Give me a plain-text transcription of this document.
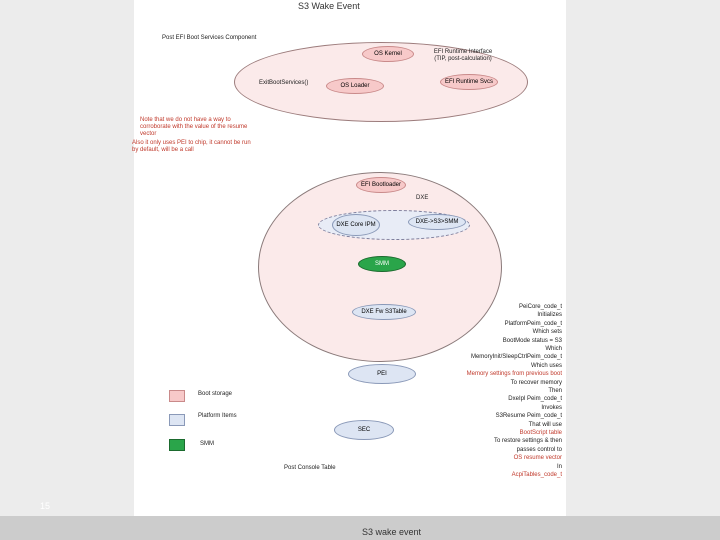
15
S3 Wake Event
S3 wake event
Post EFI Boot Services Component
OS Kernel	EFI Runtime Interface (TIP, post-calculation)
ExitBootServices()	OS Loader
EFI Runtime Svcs
Note that we do not have a way to corroborate with the value of the resume vector
Also it only uses PEI to chip, it cannot be run by default, will be a call
EFI Bootloader
DXE
DXE Core IPM	DXE->S3>SMM
SMM
DXE Fw S3Table
PEI
SEC
PeiCore_code_t
Initializes
PlatformPeim_code_t
Which sets
BootMode status = S3
Which
MemoryInit/SleepCtrlPeim_code_t
Which uses
Memory settings from previous boot
To recover memory
Then
DxeIpl Peim_code_t
Invokes
S3Resume Peim_code_t
That will use
BootScript table
To restore settings & then
passes control to
OS resume vector
In
AcpiTables_code_t
Boot storage
Platform Items
SMM
Post Console Table
